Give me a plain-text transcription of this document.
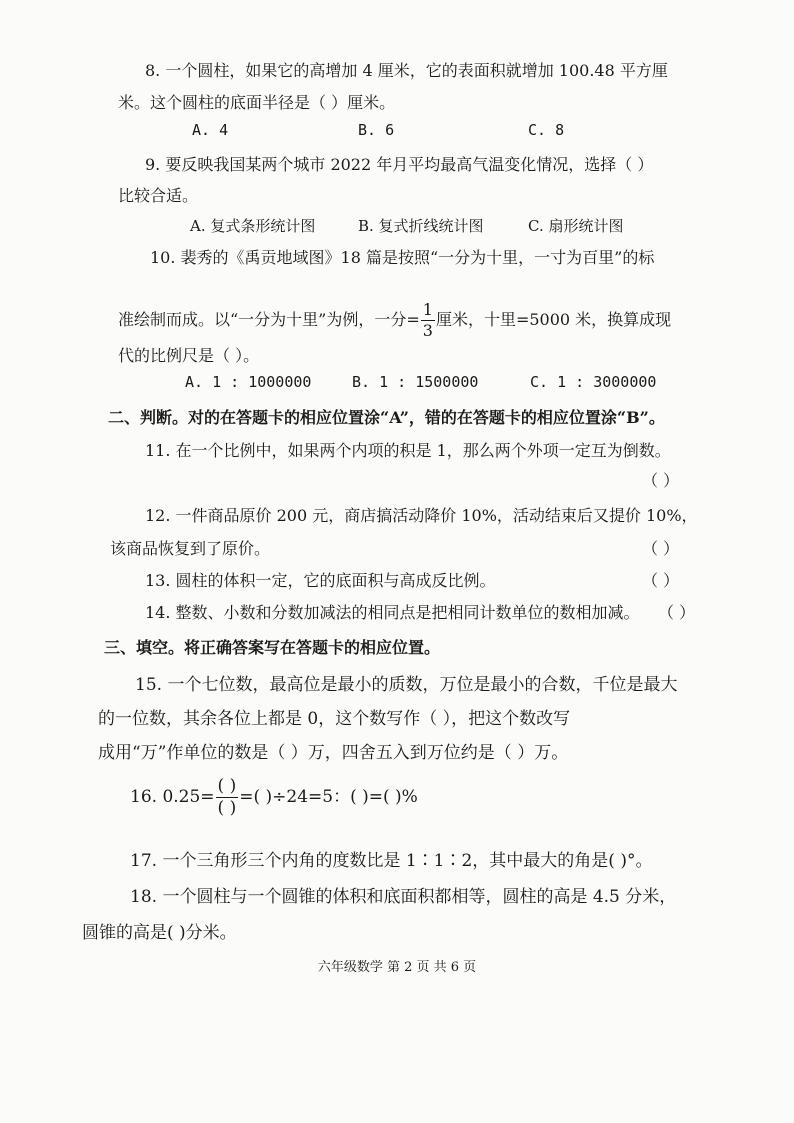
8. 一个圆柱，如果它的高增加 4 厘米，它的表面积就增加 100.48 平方厘
米。这个圆柱的底面半径是（ ）厘米。
A. 4	B. 6	C. 8
9. 要反映我国某两个城市 2022 年月平均最高气温变化情况，选择（ ）
比较合适。
A. 复式条形统计图	B. 复式折线统计图	C. 扇形统计图
10. 裴秀的《禹贡地域图》18 篇是按照“一分为十里，一寸为百里”的标
准绘制而成。以“一分为十里”为例，一分= $\frac{1}{3}$ 厘米，十里=5000 米，换算成现
代的比例尺是（ ）。
A. 1 : 1000000	B. 1 : 1500000	C. 1 : 3000000
二、判断。对的在答题卡的相应位置涂“A”，错的在答题卡的相应位置涂“B”。
11. 在一个比例中，如果两个内项的积是 1，那么两个外项一定互为倒数。
（ ）
12. 一件商品原价 200 元，商店搞活动降价 10%，活动结束后又提价 10%，
该商品恢复到了原价。	（ ）
13. 圆柱的体积一定，它的底面积与高成反比例。	（ ）
14. 整数、小数和分数加减法的相同点是把相同计数单位的数相加减。 （ ）
三、填空。将正确答案写在答题卡的相应位置。
15. 一个七位数，最高位是最小的质数，万位是最小的合数，千位是最大
的一位数，其余各位上都是 0，这个数写作（ ），把这个数改写
成用“万”作单位的数是（ ）万，四舍五入到万位约是（ ）万。
16. $0.25= \frac{( )}{( )}$ =( )÷24=5：( )=( )%
17. 一个三角形三个内角的度数比是 1∶1∶2，其中最大的角是( )°。
18. 一个圆柱与一个圆锥的体积和底面积都相等，圆柱的高是 4.5 分米，
圆锥的高是( )分米。
六年级数学 第 2 页 共 6 页
